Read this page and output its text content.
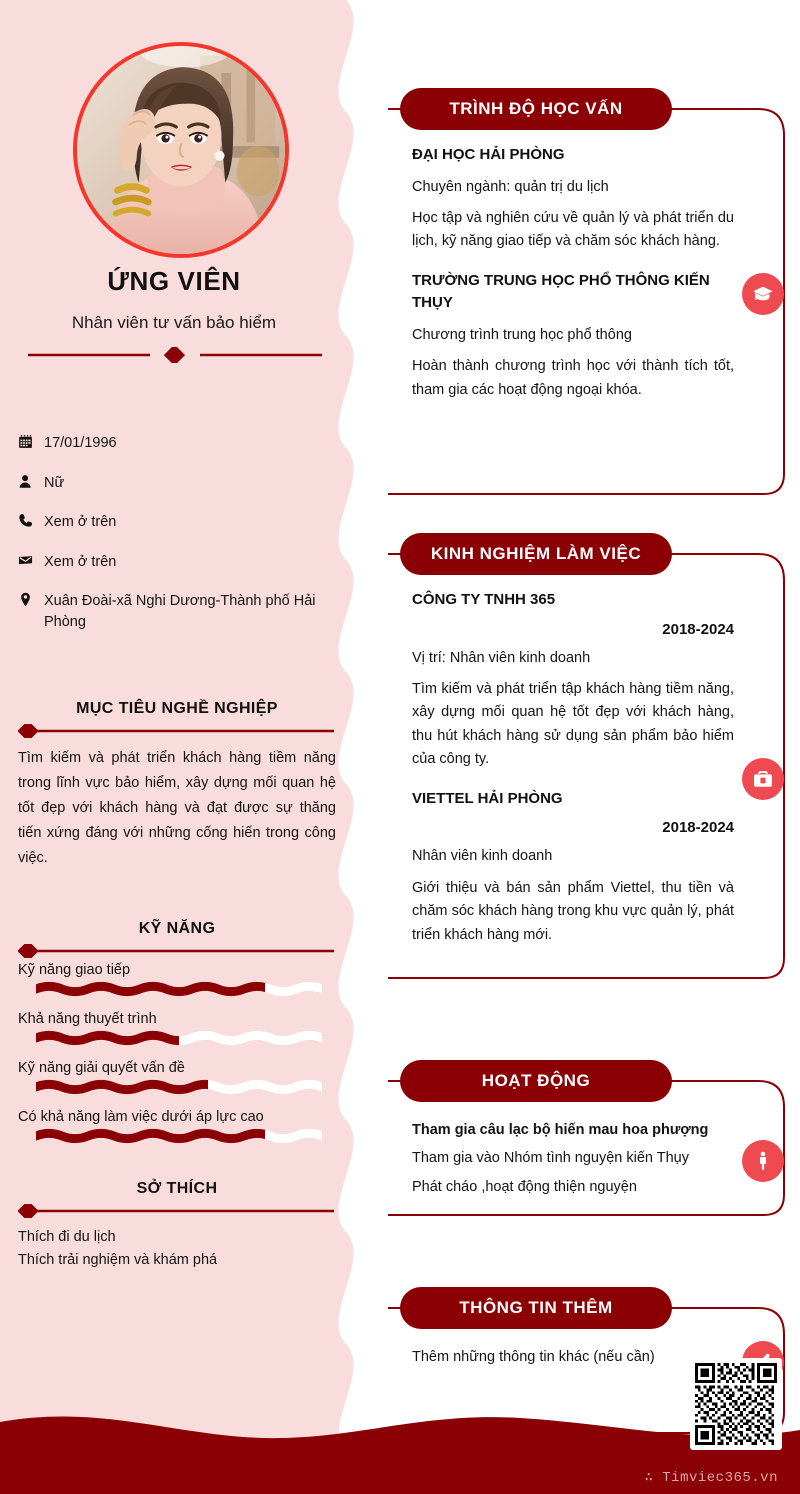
ỨNG VIÊN
Nhân viên tư vấn bảo hiểm
17/01/1996
Nữ
Xem ở trên
Xem ở trên
Xuân Đoài-xã Nghi Dương-Thành phố Hải Phòng
MỤC TIÊU NGHỀ NGHIỆP
Tìm kiếm và phát triển khách hàng tiềm năng trong lĩnh vực bảo hiểm, xây dựng mối quan hệ tốt đẹp với khách hàng và đạt được sự thăng tiến xứng đáng với những cống hiến trong công việc.
KỸ NĂNG
Kỹ năng giao tiếp
Khả năng thuyết trình
Kỹ năng giải quyết vấn đề
Có khả năng làm việc dưới áp lực cao
SỞ THÍCH
Thích đi du lịch
Thích trải nghiệm và khám phá
TRÌNH ĐỘ HỌC VẤN
ĐẠI HỌC HẢI PHÒNG
Chuyên ngành: quản trị du lịch
Học tập và nghiên cứu về quản lý và phát triển du lịch, kỹ năng giao tiếp và chăm sóc khách hàng.
TRƯỜNG TRUNG HỌC PHỔ THÔNG KIẾN THỤY
Chương trình trung học phổ thông
Hoàn thành chương trình học với thành tích tốt, tham gia các hoạt động ngoại khóa.
KINH NGHIỆM LÀM VIỆC
CÔNG TY TNHH 365
2018-2024
Vị trí: Nhân viên kinh doanh
Tìm kiếm và phát triển tập khách hàng tiềm năng, xây dựng mối quan hệ tốt đẹp với khách hàng, thu hút khách hàng sử dụng sản phẩm bảo hiểm của công ty.
VIETTEL HẢI PHÒNG
2018-2024
Nhân viên kinh doanh
Giới thiệu và bán sản phẩm Viettel, thu tiền và chăm sóc khách hàng trong khu vực quản lý, phát triển khách hàng mới.
HOẠT ĐỘNG
Tham gia câu lạc bộ hiến mau hoa phượng
Tham gia vào Nhóm tình nguyện kiến Thụy
Phát cháo ,hoạt động thiện nguyện
THÔNG TIN THÊM
Thêm những thông tin khác (nếu cần)
∴ Timviec365.vn
